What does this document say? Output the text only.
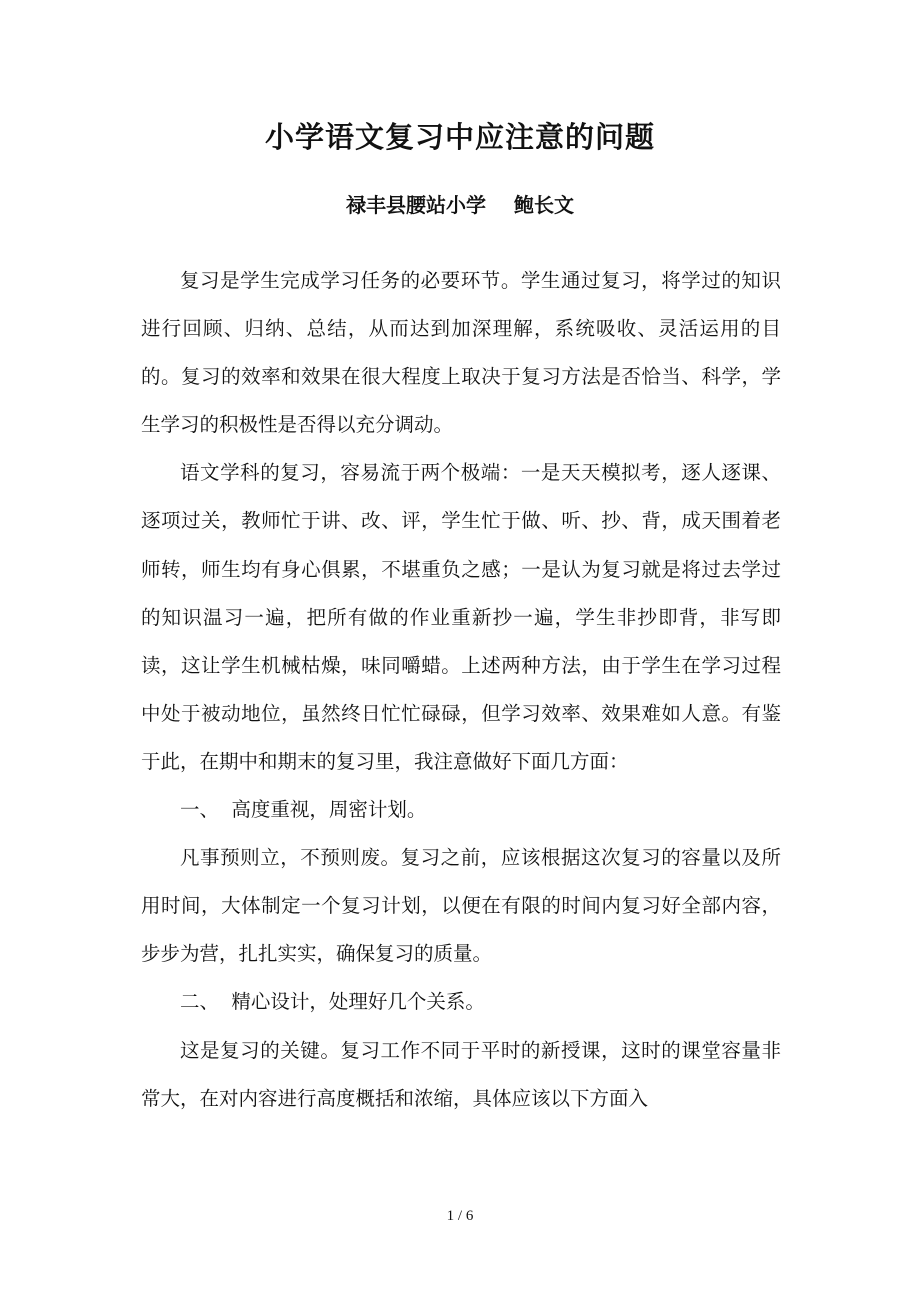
小学语文复习中应注意的问题
禄丰县腰站小学 鲍长文

复习是学生完成学习任务的必要环节。学生通过复习，将学过的知识进行回顾、归纳、总结，从而达到加深理解，系统吸收、灵活运用的目的。复习的效率和效果在很大程度上取决于复习方法是否恰当、科学，学生学习的积极性是否得以充分调动。

语文学科的复习，容易流于两个极端：一是天天模拟考，逐人逐课、逐项过关，教师忙于讲、改、评，学生忙于做、听、抄、背，成天围着老师转，师生均有身心俱累，不堪重负之感；一是认为复习就是将过去学过的知识温习一遍，把所有做的作业重新抄一遍，学生非抄即背，非写即读，这让学生机械枯燥，味同嚼蜡。上述两种方法，由于学生在学习过程中处于被动地位，虽然终日忙忙碌碌，但学习效率、效果难如人意。有鉴于此，在期中和期末的复习里，我注意做好下面几方面：

一、  高度重视，周密计划。

凡事预则立，不预则废。复习之前，应该根据这次复习的容量以及所用时间，大体制定一个复习计划，以便在有限的时间内复习好全部内容，步步为营，扎扎实实，确保复习的质量。

二、  精心设计，处理好几个关系。

这是复习的关键。复习工作不同于平时的新授课，这时的课堂容量非常大，在对内容进行高度概括和浓缩，具体应该以下方面入

1 / 6
